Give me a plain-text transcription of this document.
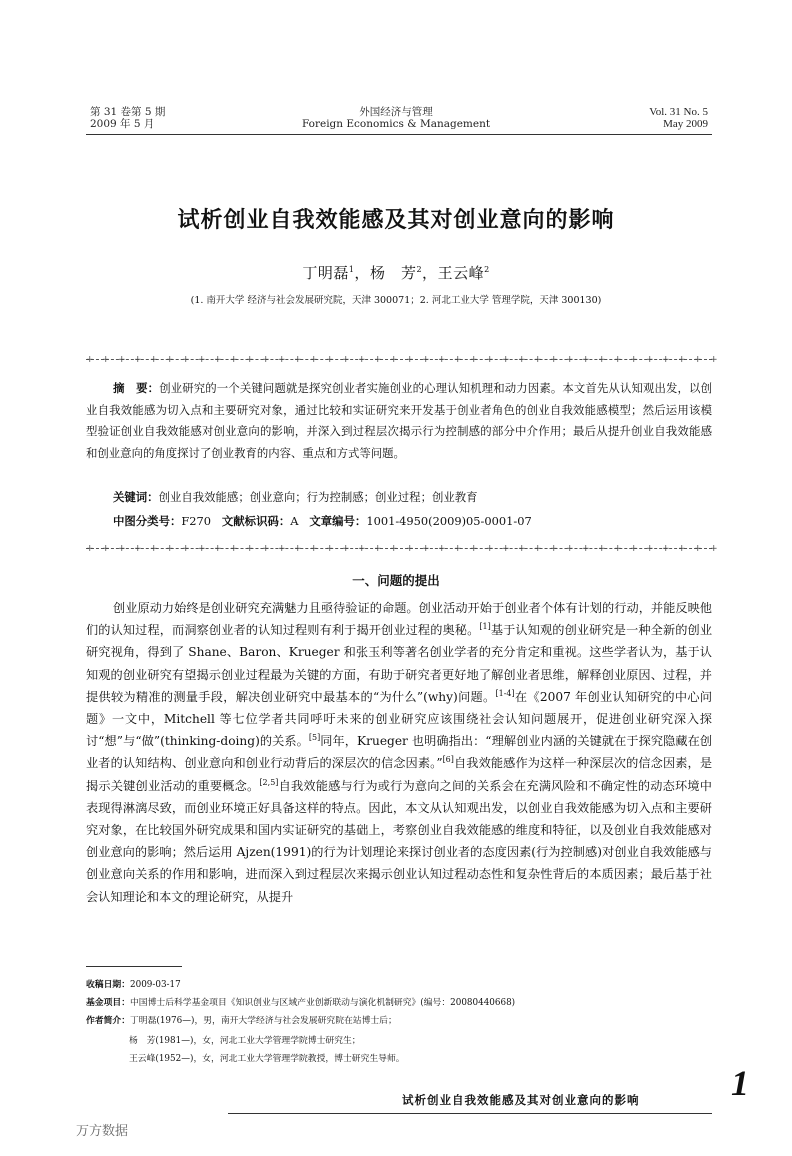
第 31 卷第 5 期
2009 年 5 月
外国经济与管理
Foreign Economics & Management
Vol. 31 No. 5
May 2009
试析创业自我效能感及其对创业意向的影响
丁明磊$^1$，杨　芳$^2$，王云峰$^2$
(1. 南开大学 经济与社会发展研究院，天津 300071；2. 河北工业大学 管理学院，天津 300130)
+ + + + + + + + + + + + + + + + + + + + + + + + + + + + + + + + + + + + + + + +
摘　要：创业研究的一个关键问题就是探究创业者实施创业的心理认知机理和动力因素。本文首先从认知观出发，以创业自我效能感为切入点和主要研究对象，通过比较和实证研究来开发基于创业者角色的创业自我效能感模型；然后运用该模型验证创业自我效能感对创业意向的影响，并深入到过程层次揭示行为控制感的部分中介作用；最后从提升创业自我效能感和创业意向的角度探讨了创业教育的内容、重点和方式等问题。
关键词：创业自我效能感；创业意向；行为控制感；创业过程；创业教育
中图分类号：F270 文献标识码：A 文章编号：1001-4950(2009)05-0001-07
+ + + + + + + + + + + + + + + + + + + + + + + + + + + + + + + + + + + + + + + +
一、问题的提出
创业原动力始终是创业研究充满魅力且亟待验证的命题。创业活动开始于创业者个体有计划的行动，并能反映他们的认知过程，而洞察创业者的认知过程则有利于揭开创业过程的奥秘。[1]基于认知观的创业研究是一种全新的创业研究视角，得到了 Shane、Baron、Krueger 和张玉利等著名创业学者的充分肯定和重视。这些学者认为，基于认知观的创业研究有望揭示创业过程最为关键的方面，有助于研究者更好地了解创业者思维，解释创业原因、过程，并提供较为精准的测量手段，解决创业研究中最基本的“为什么”(why)问题。[1-4]在《2007 年创业认知研究的中心问题》一文中，Mitchell 等七位学者共同呼吁未来的创业研究应该围绕社会认知问题展开，促进创业研究深入探讨“想”与“做”(thinking-doing)的关系。[5]同年，Krueger 也明确指出：“理解创业内涵的关键就在于探究隐藏在创业者的认知结构、创业意向和创业行动背后的深层次的信念因素。”[6]自我效能感作为这样一种深层次的信念因素，是揭示关键创业活动的重要概念。[2,5]自我效能感与行为或行为意向之间的关系会在充满风险和不确定性的动态环境中表现得淋漓尽致，而创业环境正好具备这样的特点。因此，本文从认知观出发，以创业自我效能感为切入点和主要研究对象，在比较国外研究成果和国内实证研究的基础上，考察创业自我效能感的维度和特征，以及创业自我效能感对创业意向的影响；然后运用 Ajzen(1991)的行为计划理论来探讨创业者的态度因素(行为控制感)对创业自我效能感与创业意向关系的作用和影响，进而深入到过程层次来揭示创业认知过程动态性和复杂性背后的本质因素；最后基于社会认知理论和本文的理论研究，从提升
收稿日期：2009-03-17
基金项目：中国博士后科学基金项目《知识创业与区域产业创新联动与演化机制研究》(编号：20080440668)
作者简介：丁明磊(1976—)，男，南开大学经济与社会发展研究院在站博士后；
杨　芳(1981—)，女，河北工业大学管理学院博士研究生；
王云峰(1952—)，女，河北工业大学管理学院教授，博士研究生导师。
试析创业自我效能感及其对创业意向的影响	1
万方数据
